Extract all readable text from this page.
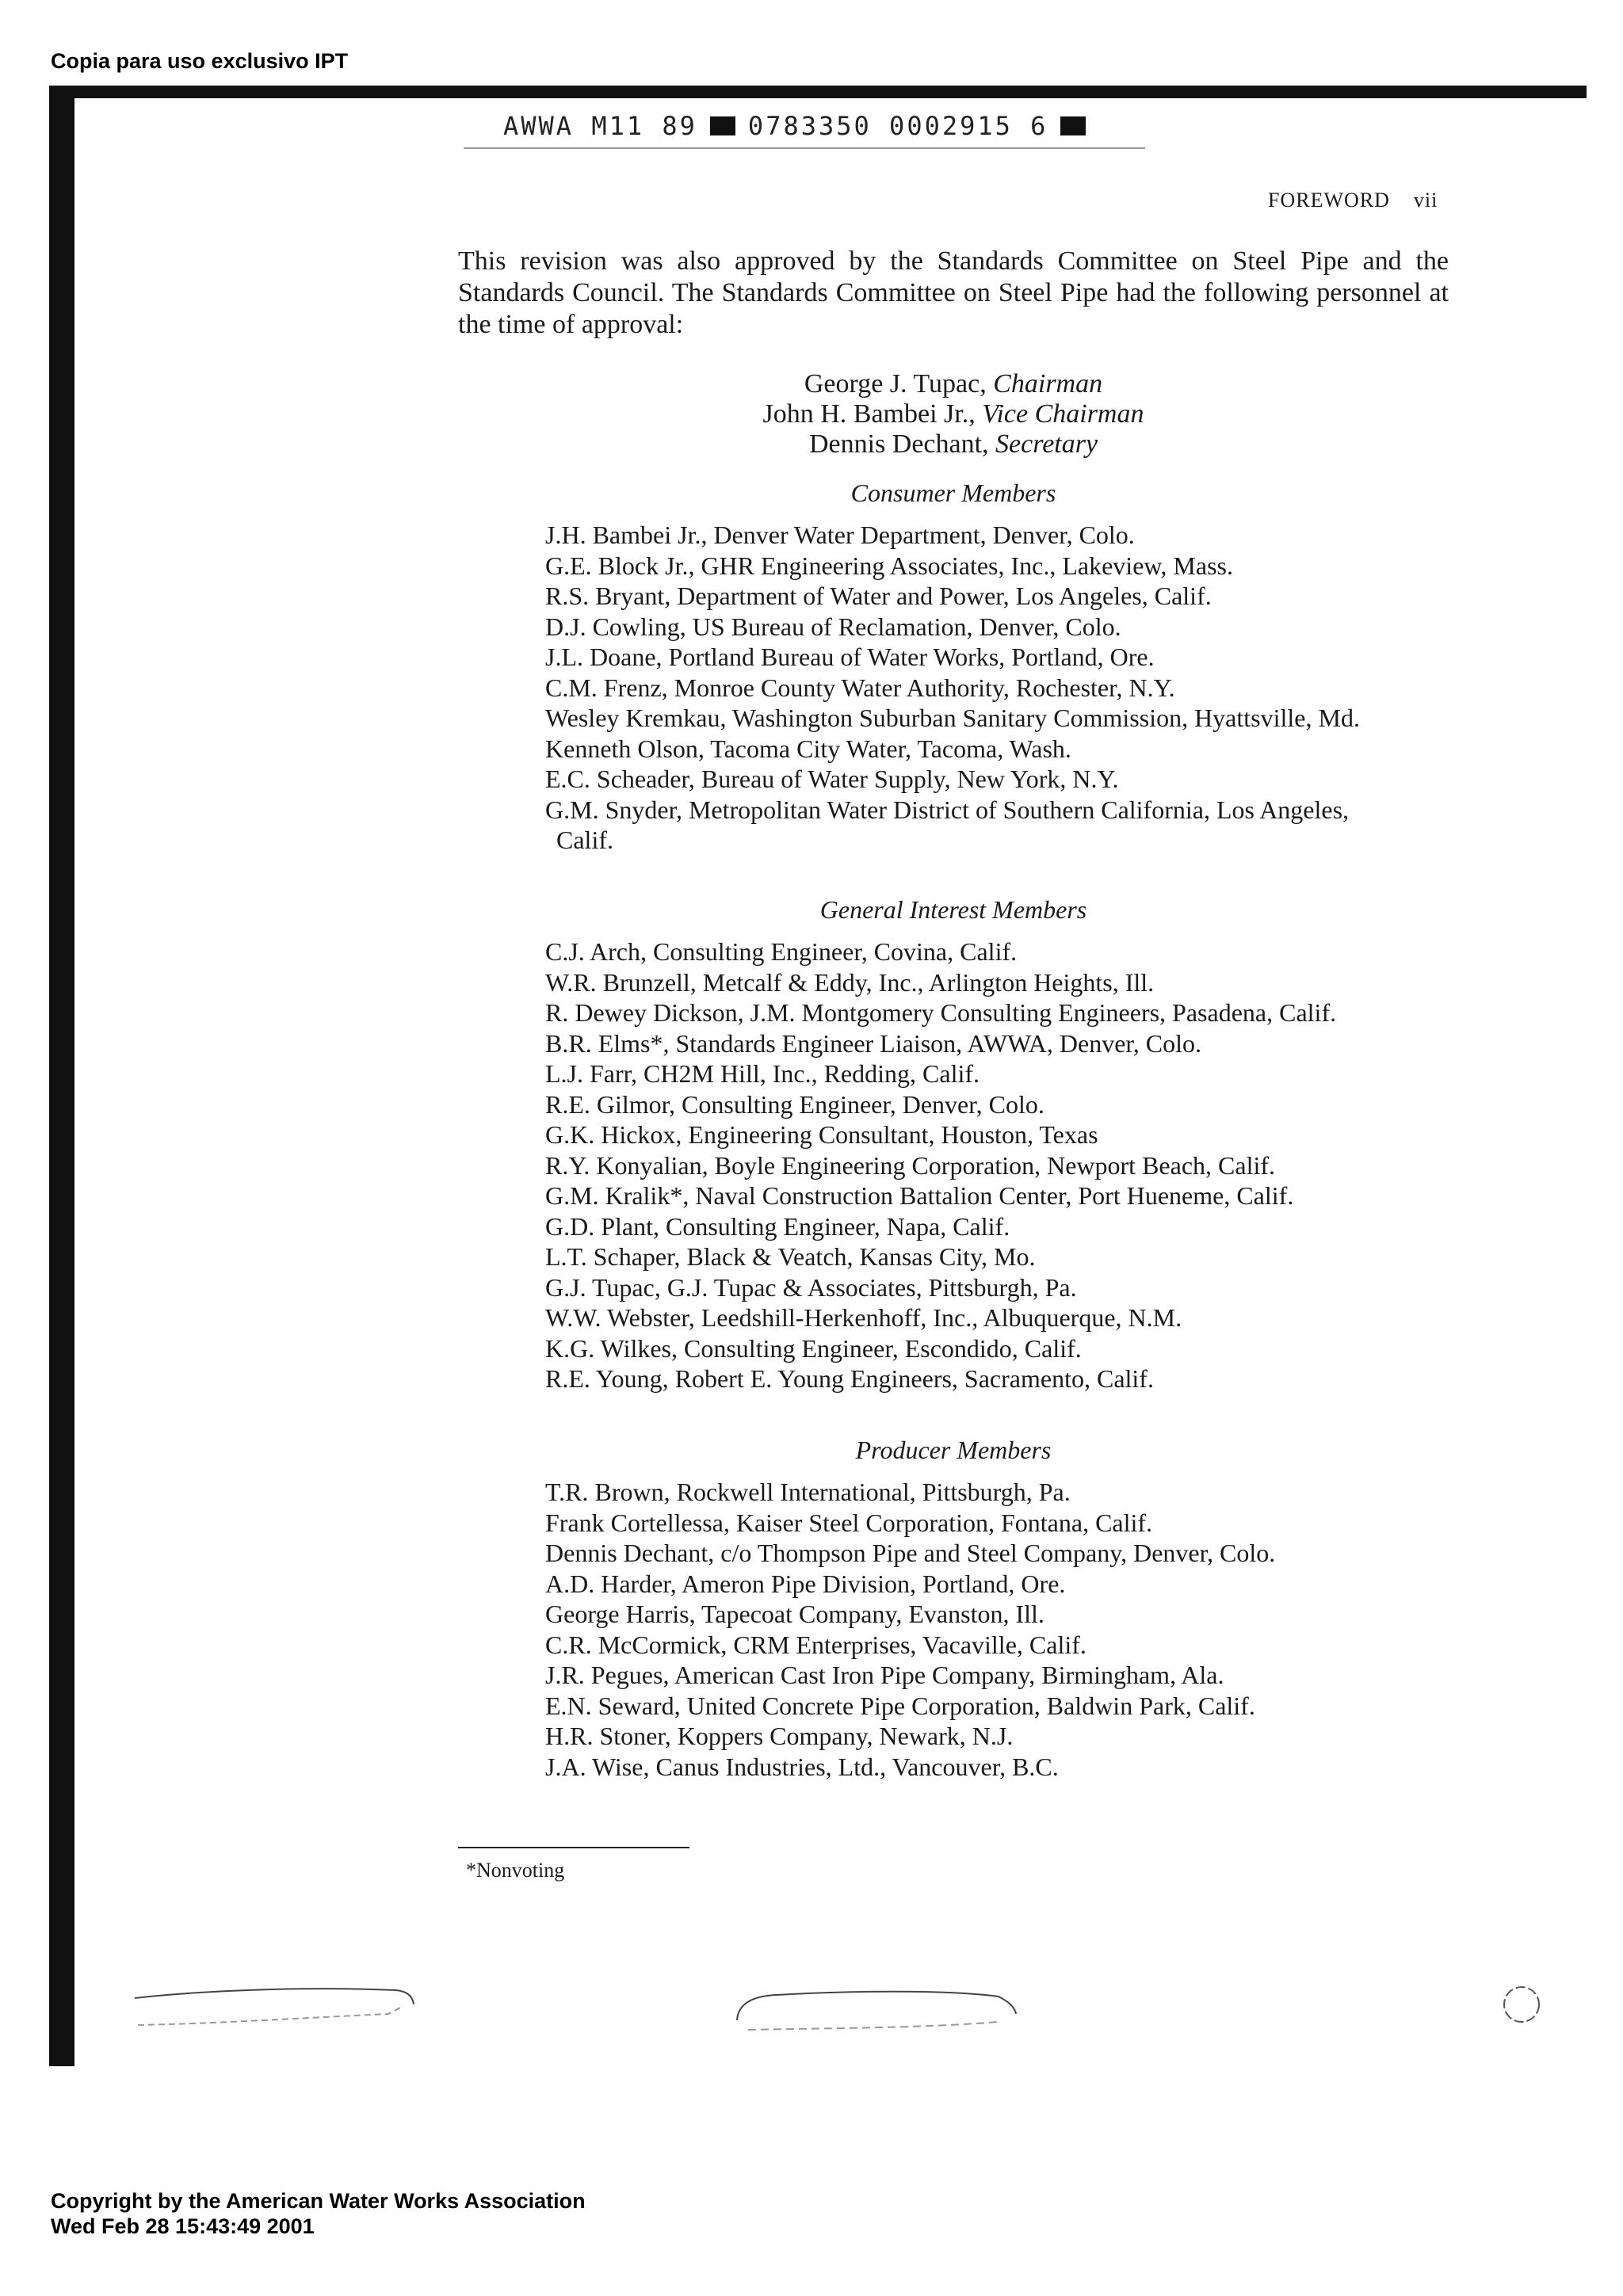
Copia para uso exclusivo IPT
AWWA M11 89 0783350 0002915 6
FOREWORD vii
This revision was also approved by the Standards Committee on Steel Pipe and the Standards Council. The Standards Committee on Steel Pipe had the following personnel at the time of approval:
George J. Tupac, Chairman
John H. Bambei Jr., Vice Chairman
Dennis Dechant, Secretary
Consumer Members
J.H. Bambei Jr., Denver Water Department, Denver, Colo.
G.E. Block Jr., GHR Engineering Associates, Inc., Lakeview, Mass.
R.S. Bryant, Department of Water and Power, Los Angeles, Calif.
D.J. Cowling, US Bureau of Reclamation, Denver, Colo.
J.L. Doane, Portland Bureau of Water Works, Portland, Ore.
C.M. Frenz, Monroe County Water Authority, Rochester, N.Y.
Wesley Kremkau, Washington Suburban Sanitary Commission, Hyattsville, Md.
Kenneth Olson, Tacoma City Water, Tacoma, Wash.
E.C. Scheader, Bureau of Water Supply, New York, N.Y.
G.M. Snyder, Metropolitan Water District of Southern California, Los Angeles,
Calif.
General Interest Members
C.J. Arch, Consulting Engineer, Covina, Calif.
W.R. Brunzell, Metcalf & Eddy, Inc., Arlington Heights, Ill.
R. Dewey Dickson, J.M. Montgomery Consulting Engineers, Pasadena, Calif.
B.R. Elms*, Standards Engineer Liaison, AWWA, Denver, Colo.
L.J. Farr, CH2M Hill, Inc., Redding, Calif.
R.E. Gilmor, Consulting Engineer, Denver, Colo.
G.K. Hickox, Engineering Consultant, Houston, Texas
R.Y. Konyalian, Boyle Engineering Corporation, Newport Beach, Calif.
G.M. Kralik*, Naval Construction Battalion Center, Port Hueneme, Calif.
G.D. Plant, Consulting Engineer, Napa, Calif.
L.T. Schaper, Black & Veatch, Kansas City, Mo.
G.J. Tupac, G.J. Tupac & Associates, Pittsburgh, Pa.
W.W. Webster, Leedshill-Herkenhoff, Inc., Albuquerque, N.M.
K.G. Wilkes, Consulting Engineer, Escondido, Calif.
R.E. Young, Robert E. Young Engineers, Sacramento, Calif.
Producer Members
T.R. Brown, Rockwell International, Pittsburgh, Pa.
Frank Cortellessa, Kaiser Steel Corporation, Fontana, Calif.
Dennis Dechant, c/o Thompson Pipe and Steel Company, Denver, Colo.
A.D. Harder, Ameron Pipe Division, Portland, Ore.
George Harris, Tapecoat Company, Evanston, Ill.
C.R. McCormick, CRM Enterprises, Vacaville, Calif.
J.R. Pegues, American Cast Iron Pipe Company, Birmingham, Ala.
E.N. Seward, United Concrete Pipe Corporation, Baldwin Park, Calif.
H.R. Stoner, Koppers Company, Newark, N.J.
J.A. Wise, Canus Industries, Ltd., Vancouver, B.C.
*Nonvoting
Copyright by the American Water Works Association
Wed Feb 28 15:43:49 2001
